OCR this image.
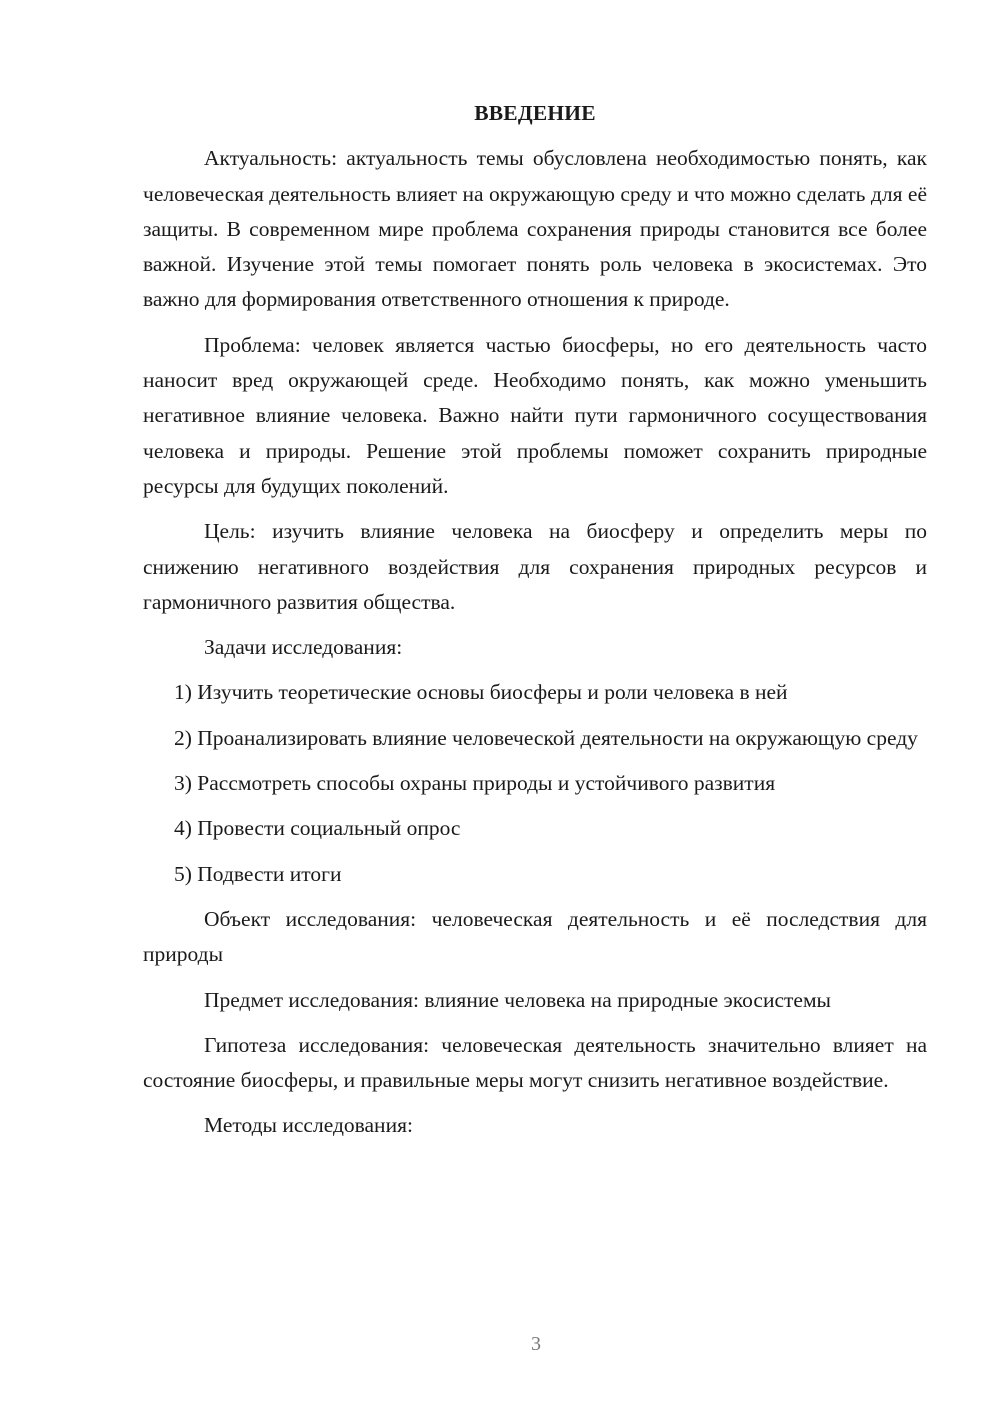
ВВЕДЕНИЕ

Актуальность: актуальность темы обусловлена необходимостью понять, как человеческая деятельность влияет на окружающую среду и что можно сделать для её защиты. В современном мире проблема сохранения природы становится все более важной. Изучение этой темы помогает понять роль человека в экосистемах. Это важно для формирования ответственного отношения к природе.

Проблема: человек является частью биосферы, но его деятельность часто наносит вред окружающей среде. Необходимо понять, как можно уменьшить негативное влияние человека. Важно найти пути гармоничного сосуществования человека и природы. Решение этой проблемы поможет сохранить природные ресурсы для будущих поколений.

Цель: изучить влияние человека на биосферу и определить меры по снижению негативного воздействия для сохранения природных ресурсов и гармоничного развития общества.

Задачи исследования:

1) Изучить теоретические основы биосферы и роли человека в ней

2) Проанализировать влияние человеческой деятельности на окружающую среду

3) Рассмотреть способы охраны природы и устойчивого развития

4) Провести социальный опрос

5) Подвести итоги

Объект исследования: человеческая деятельность и её последствия для природы

Предмет исследования: влияние человека на природные экосистемы

Гипотеза исследования: человеческая деятельность значительно влияет на состояние биосферы, и правильные меры могут снизить негативное воздействие.

Методы исследования:

3
